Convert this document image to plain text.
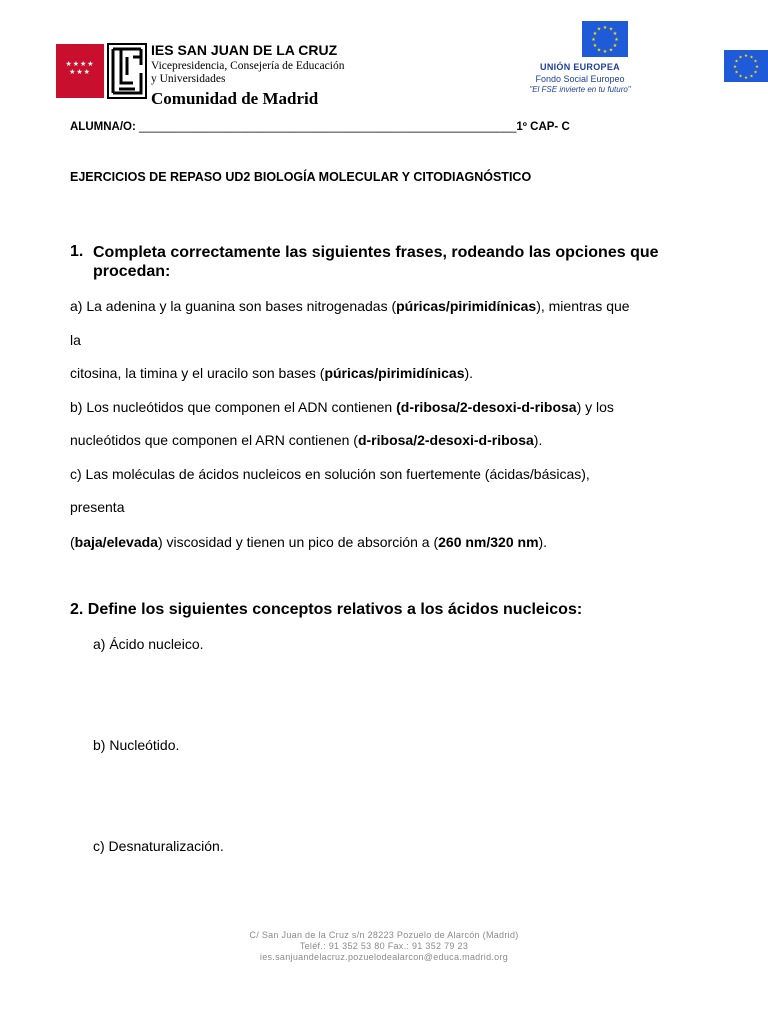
★★★★ ★★★
IES SAN JUAN DE LA CRUZ
Vicepresidencia, Consejería de Educación
y Universidades
Comunidad de Madrid
★ ★
★
★
★
★
★
★
★
★
★
★
UNIÓN EUROPEA
Fondo Social Europeo
"El FSE invierte en tu futuro"
★ ★
★
★
★
★
★
★
★
★
★
★
ALUMNA/O: ___________________________________________________________1º CAP- C
EJERCICIOS DE REPASO UD2 BIOLOGÍA MOLECULAR Y CITODIAGNÓSTICO
1. Completa correctamente las siguientes frases, rodeando las opciones que procedan:
a) La adenina y la guanina son bases nitrogenadas (púricas/pirimidínicas), mientras que
la
citosina, la timina y el uracilo son bases (púricas/pirimidínicas).
b) Los nucleótidos que componen el ADN contienen (d-ribosa/2-desoxi-d-ribosa) y los
nucleótidos que componen el ARN contienen (d-ribosa/2-desoxi-d-ribosa).
c) Las moléculas de ácidos nucleicos en solución son fuertemente (ácidas/básicas),
presenta
(baja/elevada) viscosidad y tienen un pico de absorción a (260 nm/320 nm).
2. Define los siguientes conceptos relativos a los ácidos nucleicos:
a) Ácido nucleico.
b) Nucleótido.
c) Desnaturalización.
C/ San Juan de la Cruz s/n 28223 Pozuelo de Alarcón (Madrid)
Teléf.: 91 352 53 80 Fax.: 91 352 79 23
ies.sanjuandelacruz.pozuelodealarcon@educa.madrid.org
